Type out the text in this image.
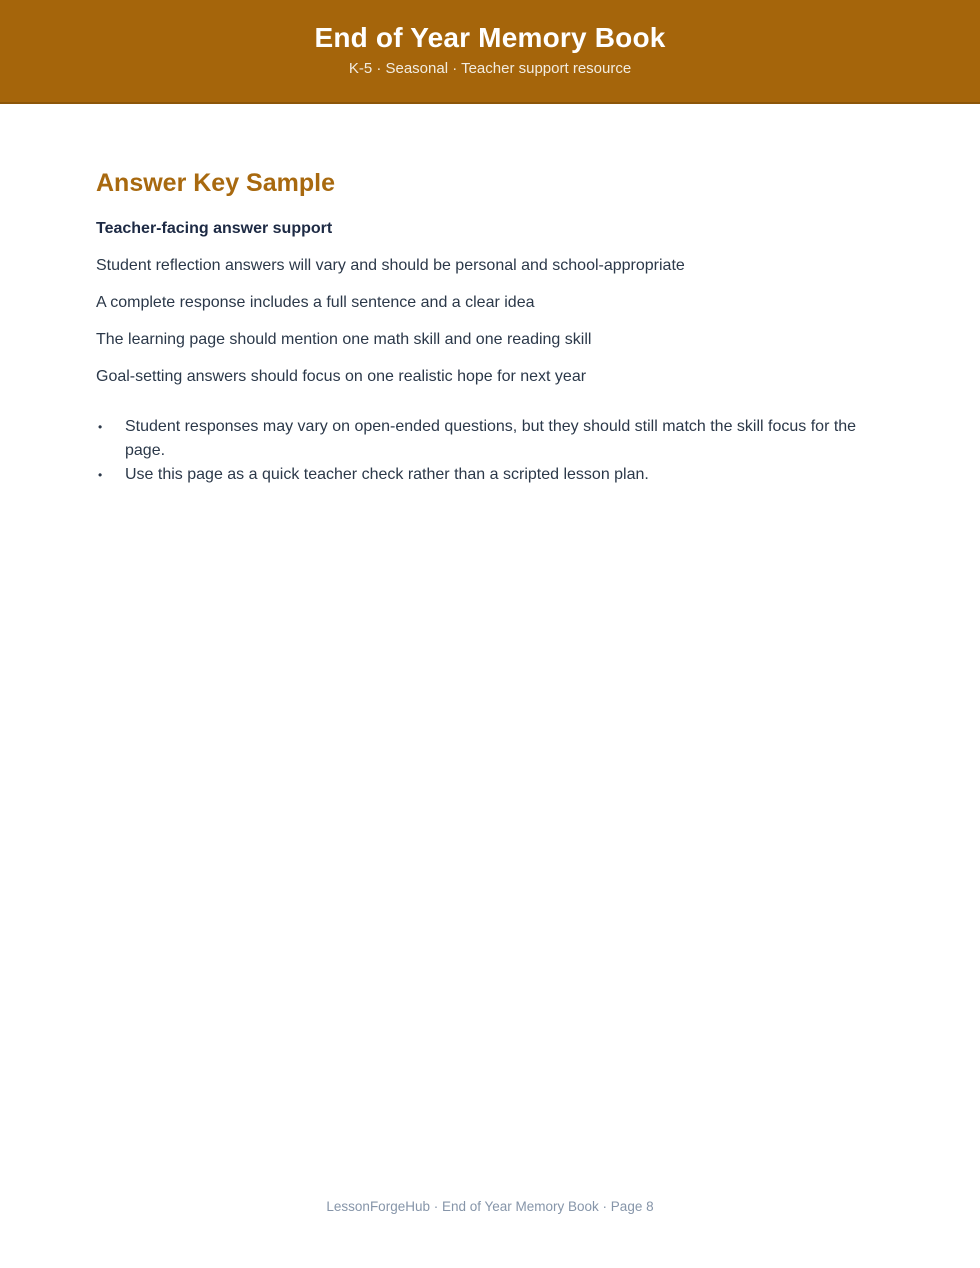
End of Year Memory Book
K-5 · Seasonal · Teacher support resource
Answer Key Sample
Teacher-facing answer support

Student reflection answers will vary and should be personal and school-appropriate

A complete response includes a full sentence and a clear idea

The learning page should mention one math skill and one reading skill

Goal-setting answers should focus on one realistic hope for next year

• Student responses may vary on open-ended questions, but they should still match the skill focus for the page.
• Use this page as a quick teacher check rather than a scripted lesson plan.
LessonForgeHub · End of Year Memory Book · Page 8
